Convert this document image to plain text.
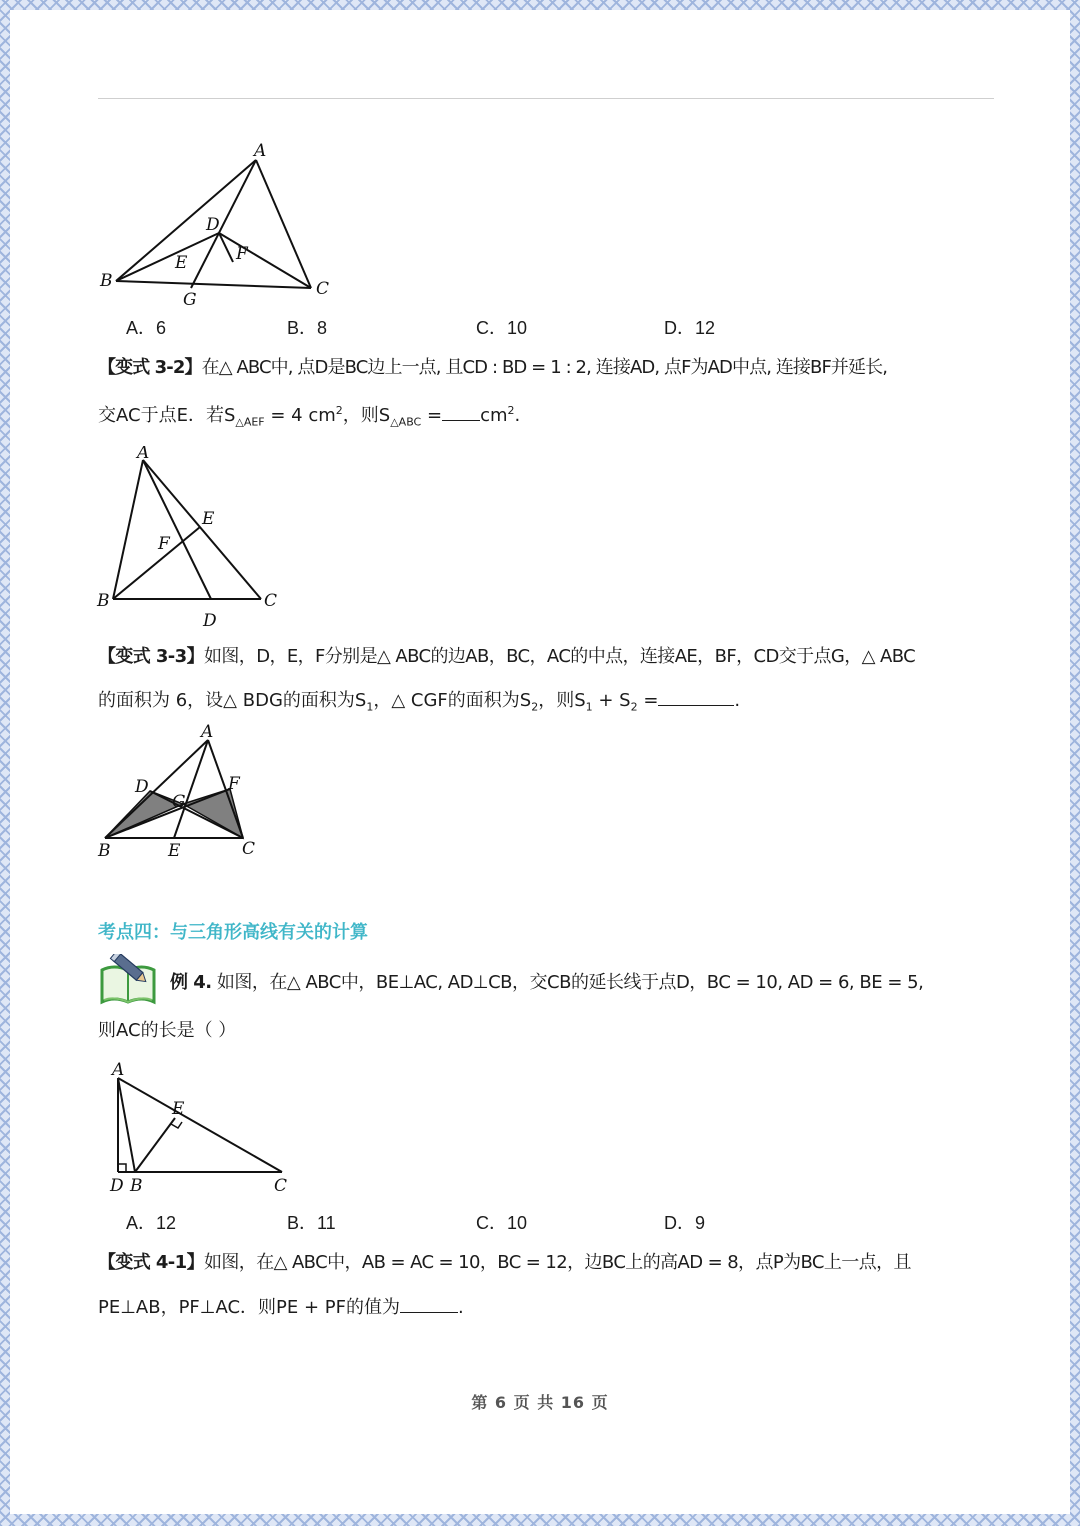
A
B	C
D
E	F
G
A．6	B．8	C．10	D．12
【变式 3-2】在△ ABC中, 点D是BC边上一点, 且CD : BD = 1 : 2, 连接AD, 点F为AD中点, 连接BF并延长,
交AC于点E．若$S_{\triangle AEF} = 4$ $cm^2$，则$S_{\triangle ABC} = cm^2$.
A
B	C
D
E
F
【变式 3-3】如图，D，E，F分别是△ ABC的边AB，BC，AC的中点，连接AE，BF，CD交于点G，△ ABC
的面积为 6，设△ BDG的面积为$S_1$，△ CGF的面积为$S_2$，则$S_1 + S_2$ =	.
A
B	C
D
E
F
G
考点四：与三角形高线有关的计算
例 4. 如图，在△ ABC中，BE⊥AC, AD⊥CB，交CB的延长线于点D，BC = 10, AD = 6, BE = 5,
则AC的长是（ ）
A
D B	C
E
A．12	B．11	C．10	D．9
【变式 4-1】如图，在△ ABC中，AB = AC = 10，BC = 12，边BC上的高AD = 8，点P为BC上一点，且
PE⊥AB，PF⊥AC．则PE + PF的值为	.
第 6 页 共 16 页
